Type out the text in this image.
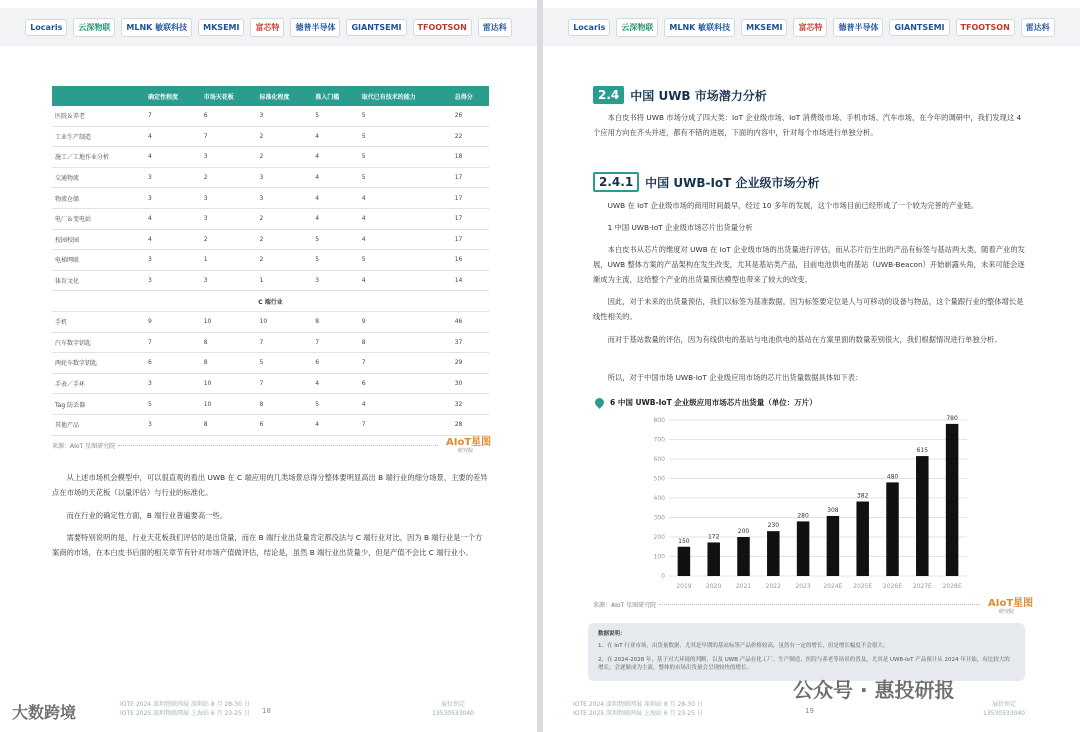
Locaris	云深物联	MLNK 敏联科技	MKSEMI	富芯特	德普半导体	GIANTSEMI	TFOOTSON	雷达科
	确定性程度	市场天花板	标准化程度	准入门槛	取代已有技术的能力	总得分
医院＆养老	7	6	3	5	5	26
工业生产制造	4	7	2	4	5	22
施工／工地作业分析	4	3	2	4	5	18
交通物流	3	2	3	4	5	17
物流仓储	3	3	3	4	4	17
电厂＆变电站	4	3	2	4	4	17
校园校园	4	2	2	5	4	17
电梯网联	3	1	2	5	5	16
体育文化	3	3	1	3	4	14
C 端行业						
手机	9	10	10	8	9	46
汽车数字钥匙	7	8	7	7	8	37
两轮车数字钥匙	6	8	5	6	7	29
手表／手环	3	10	7	4	6	30
Tag 防丢器	5	10	8	5	4	32
其他产品	3	8	6	4	7	28
来源：AIoT 星图研究院	AIoT星图
研究院

从上述市场机会模型中，可以很直观的看出 UWB 在 C 端应用的几类场景总得分整体要明显高出 B 端行业的细分场景，主要的差异点在市场的天花板（以量评估）与行业的标准化。

而在行业的确定性方面，B 端行业普遍要高一些。

需要特别说明的是，行业天花板我们评估的是出货量，而在 B 端行业出货量肯定都没法与 C 端行业对比，因为 B 端行业是一个方案商的市场，在本白皮书后面的相关章节有针对市场产值做评估，结论是，虽然 B 端行业出货量少，但是产值不会比 C 端行业小。

IOTE 2024 深圳物联网展 深圳站 8 月 28-30 日
IOTE 2025 深圳物联网展 上海站 6 月 23-25 日 18
展位预定
13530533040
大数跨境
Locaris	云深物联	MLNK 敏联科技	MKSEMI	富芯特	德普半导体	GIANTSEMI	TFOOTSON	雷达科
2.4 中国 UWB 市场潜力分析

本白皮书将 UWB 市场分成了四大类：IoT 企业级市场、IoT 消费级市场、手机市场、汽车市场，在今年的调研中，我们发现这 4 个应用方向在齐头并进，都有不错的进展，下面的内容中，针对每个市场进行单独分析。

2.4.1	中国 UWB-IoT 企业级市场分析

UWB 在 IoT 企业级市场的商用时间最早，经过 10 多年的发展，这个市场目前已经形成了一个较为完善的产业链。

1 中国 UWB-IoT 企业级市场芯片出货量分析

本白皮书从芯片的维度对 UWB 在 IoT 企业级市场的出货量进行评估，而从芯片衍生出的产品有标签与基站两大类，随着产业的发展，UWB 整体方案的产品架构在发生改变，尤其是基站类产品，目前电池供电的基站（UWB-Beacon）开始崭露头角，未来可能会逐渐成为主流，这给整个产业的出货量预估模型也带来了较大的改变。

因此，对于未来的出货量预估，我们以标签为基准数据，因为标签要定位是人与可移动的设备与物品，这个量跟行业的整体增长是线性相关的。

而对于基站数量的评估，因为有线供电的基站与电池供电的基站在方案里面的数量差别很大，我们根据情况进行单独分析。

所以，对于中国市场 UWB-IoT 企业级应用市场的芯片出货量数据具体如下表：

6 中国 UWB-IoT 企业级应用市场芯片出货量（单位：万片）
0
100
200
300
400
500
600
700
800
150
2019
172
2020
200
2021
230
2022
280
2023
308
2024E
382
2025E
480
2026E
615
2027E
780
2028E
来源：AIoT 星图研究院	AIoT星图
研究院
数据说明：

1、在 IoT 行业市场，出货量数据，尤其是早期的基站标签产品价格较高，虽然有一定的增长，但是增长幅度不会很大。

2、在 2024-2028 年，基于对大环境的判断，以及 UWB 产品在化工厂、生产制造、医院与养老等场景的普及，尤其是 UWB-IoT 产品预计从 2024 年开始，有比较大的增长，会逐渐成为主流，整体的市场出货量会呈现较快的增长。

IOTE 2024 深圳物联网展 深圳站 8 月 28-30 日
IOTE 2025 深圳物联网展 上海站 6 月 23-25 日	19
展位预定
13530533040
公众号 · 惠投研报
